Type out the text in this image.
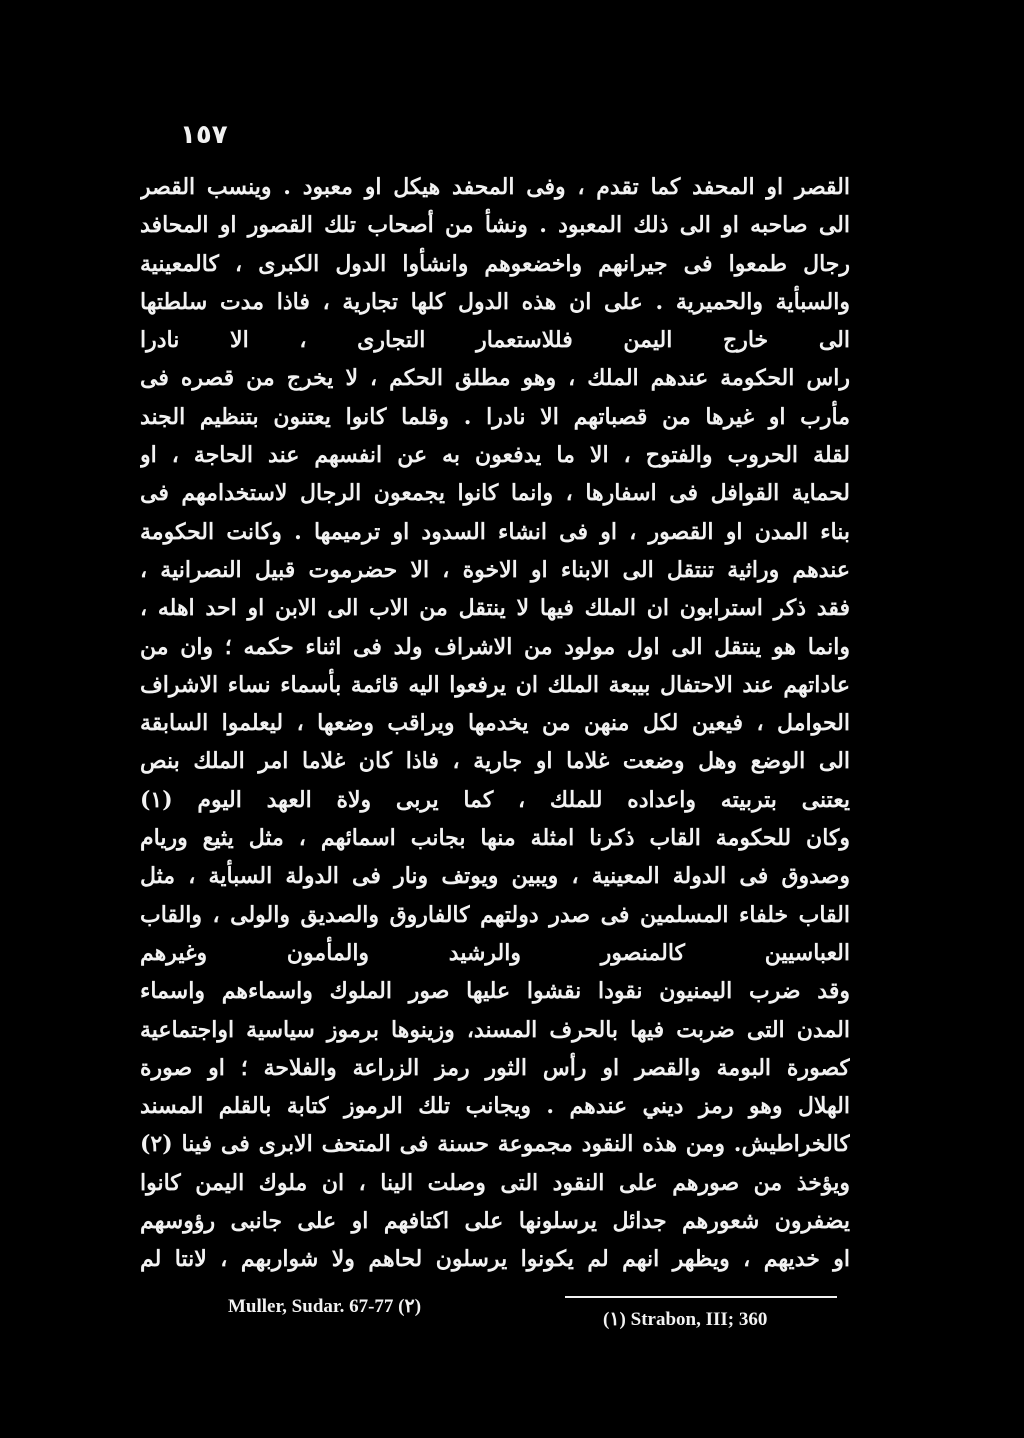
١٥٧
القصر او المحفد كما تقدم ، وفى المحفد هيكل او معبود . وينسب القصر
الى صاحبه او الى ذلك المعبود . ونشأ من أصحاب تلك القصور او المحافد
رجال طمعوا فى جيرانهم واخضعوهم وانشأوا الدول الكبرى ، كالمعينية
والسبأية والحميرية . على ان هذه الدول كلها تجارية ، فاذا مدت سلطتها
الى خارج اليمن فللاستعمار التجارى ، الا نادرا
راس الحكومة عندهم الملك ، وهو مطلق الحكم ، لا يخرج من قصره فى
مأرب او غيرها من قصباتهم الا نادرا . وقلما كانوا يعتنون بتنظيم الجند
لقلة الحروب والفتوح ، الا ما يدفعون به عن انفسهم عند الحاجة ، او
لحماية القوافل فى اسفارها ، وانما كانوا يجمعون الرجال لاستخدامهم فى
بناء المدن او القصور ، او فى انشاء السدود او ترميمها . وكانت الحكومة
عندهم وراثية تنتقل الى الابناء او الاخوة ، الا حضرموت قبيل النصرانية ،
فقد ذكر استرابون ان الملك فيها لا ينتقل من الاب الى الابن او احد اهله ،
وانما هو ينتقل الى اول مولود من الاشراف ولد فى اثناء حكمه ؛ وان من
عاداتهم عند الاحتفال بيبعة الملك ان يرفعوا اليه قائمة بأسماء نساء الاشراف
الحوامل ، فيعين لكل منهن من يخدمها ويراقب وضعها ، ليعلموا السابقة
الى الوضع وهل وضعت غلاما او جارية ، فاذا كان غلاما امر الملك بنص
يعتنى بتربيته واعداده للملك ، كما يربى ولاة العهد اليوم (١)
وكان للحكومة القاب ذكرنا امثلة منها بجانب اسمائهم ، مثل يثيع وريام
وصدوق فى الدولة المعينية ، ويبين ويوتف ونار فى الدولة السبأية ، مثل
القاب خلفاء المسلمين فى صدر دولتهم كالفاروق والصديق والولى ، والقاب
العباسيين كالمنصور والرشيد والمأمون وغيرهم
وقد ضرب اليمنيون نقودا نقشوا عليها صور الملوك واسماءهم واسماء
المدن التى ضربت فيها بالحرف المسند، وزينوها برموز سياسية اواجتماعية
كصورة البومة والقصر او رأس الثور رمز الزراعة والفلاحة ؛ او صورة
الهلال وهو رمز ديني عندهم . ويجانب تلك الرموز كتابة بالقلم المسند
كالخراطيش. ومن هذه النقود مجموعة حسنة فى المتحف الابرى فى فينا (٢)
ويؤخذ من صورهم على النقود التى وصلت الينا ، ان ملوك اليمن كانوا
يضفرون شعورهم جدائل يرسلونها على اكتافهم او على جانبى رؤوسهم
او خديهم ، ويظهر انهم لم يكونوا يرسلون لحاهم ولا شواربهم ، لانتا لم
(١) Strabon, III; 360
Muller, Sudar. 67-77 (٢)
